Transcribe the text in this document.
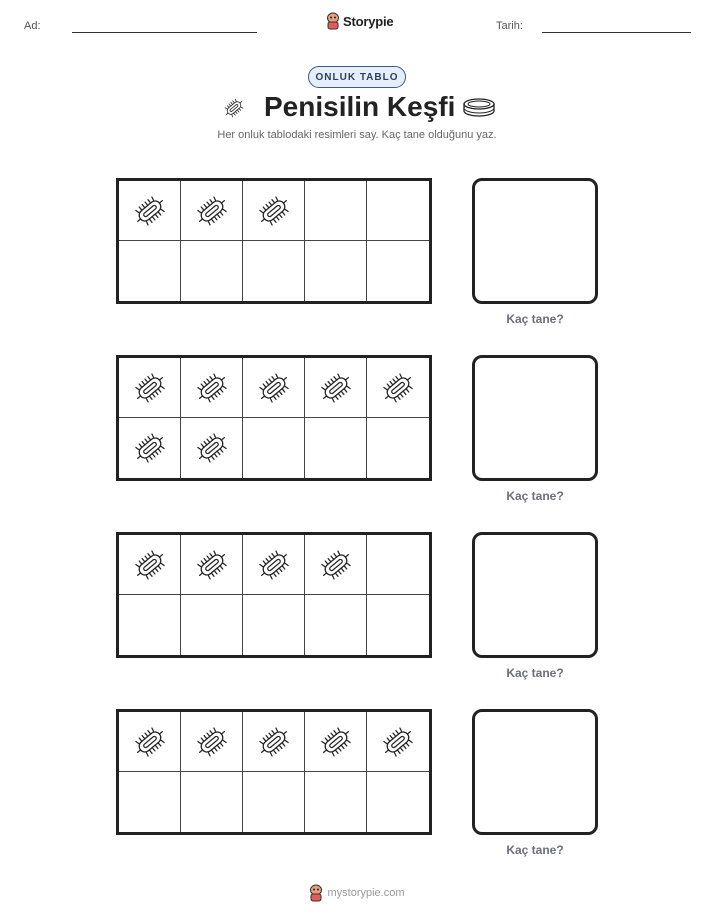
Ad:	Storypie	Tarih:
ONLUK TABLO
Penisilin Keşfi
Her onluk tablodaki resimleri say. Kaç tane olduğunu yaz.
Kaç tane?
Kaç tane?
Kaç tane?
Kaç tane?
mystorypie.com
